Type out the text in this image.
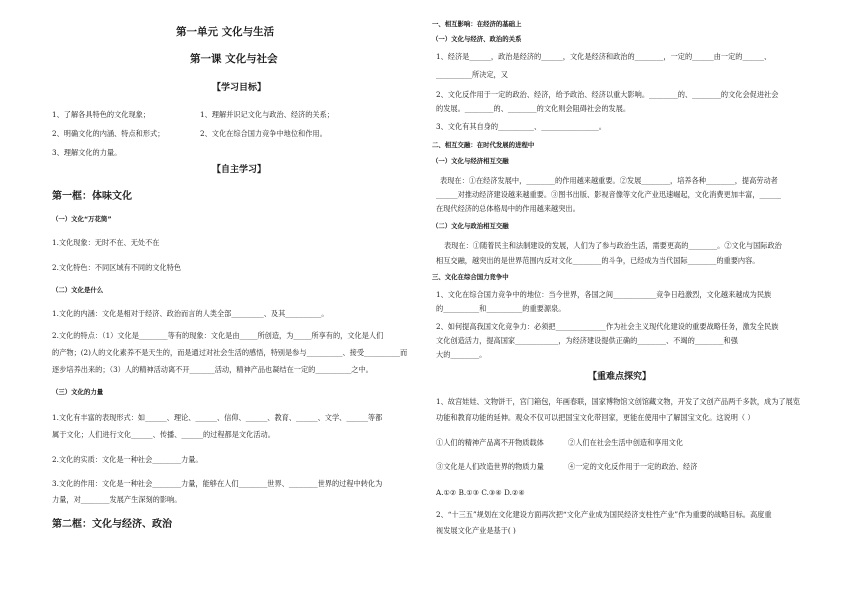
第一单元 文化与生活
第一课 文化与社会
【学习目标】
1、了解各具特色的文化现象；	1、理解并识记文化与政治、经济的关系；
2、明确文化的内涵、特点和形式；	2、文化在综合国力竞争中地位和作用。
3、理解文化的力量。
【自主学习】
第一框：体味文化
（一）文化“万花筒”
1.文化现象：无时不在、无处不在
2.文化特色：不同区域有不同的文化特色
（二）文化是什么
1.文化的内涵：文化是相对于经济、政治而言的人类全部_________、及其__________。
2.文化的特点：（1）文化是________等有的现象：文化是由_____所创造，为_____所享有的，文化是人们
的产物；(2)人的文化素养不是天生的，而是通过对社会生活的感悟，特别是参与__________、接受__________而
逐步培养出来的；（3）人的精神活动离不开_______活动，精神产品也凝结在一定的__________之中。
（三）文化的力量
1.文化有丰富的表现形式：如______、理论、______、信仰、______、教育、______、文学、______等都
属于文化；人们进行文化______、传播、______的过程都是文化活动。
2.文化的实质：文化是一种社会________力量。
3.文化的作用：文化是一种社会________力量，能够在人们________世界、________世界的过程中转化为
力量，对________发展产生深刻的影响。
第二框：文化与经济、政治
一、相互影响：在经济的基础上
（一）文化与经济、政治的关系
1、经济是______，政治是经济的______，文化是经济和政治的________，一定的______由一定的______、
__________所决定，又
2、文化反作用于一定的政治、经济，给予政治、经济以重大影响。________的、________的文化会促进社会
的发展。________的、________的文化则会阻碍社会的发展。
3、文化有其自身的__________、________________。
二、相互交融：在时代发展的进程中
（一）文化与经济相互交融
表现在：①在经济发展中，________的作用越来越重要。②发展________，培养各种________，提高劳动者
______对推动经济建设越来越重要。③图书出版、影视音像等文化产业迅速崛起，文化消费更加丰富，______
在现代经济的总体格局中的作用越来越突出。
（二）文化与政治相互交融
表现在：①随着民主和法制建设的发展，人们为了参与政治生活，需要更高的________。②文化与国际政治
相互交融，越突出的是世界范围内反对文化________的斗争，已经成为当代国际________的重要内容。
三、文化在综合国力竞争中
1、文化在综合国力竞争中的地位：当今世界，各国之间____________竞争日趋激烈，文化越来越成为民族
的__________和__________的重要源泉。
2、如何提高我国文化竞争力：必须把______________作为社会主义现代化建设的重要战略任务，激发全民族
文化创造活力，提高国家____________，为经济建设提供正确的________、不竭的________和强
大的________。
【重难点探究】
1、故宫娃娃、文物饼干，宫门箱包，年画春联，国家博物馆文创馆藏文物，开发了文创产品两千多款，成为了展览
功能和教育功能的延伸。观众不仅可以把国宝文化带回家，更能在使用中了解国宝文化。这说明（ ）
①人们的精神产品离不开物质载体	②人们在社会生活中创造和享用文化
③文化是人们改造世界的物质力量	④一定的文化反作用于一定的政治、经济
A.①② B.①③ C.③④ D.②④
2、“十三五”规划在文化建设方面再次把“文化产业成为国民经济支柱性产业”作为重要的战略目标。高度重
视发展文化产业是基于( )
